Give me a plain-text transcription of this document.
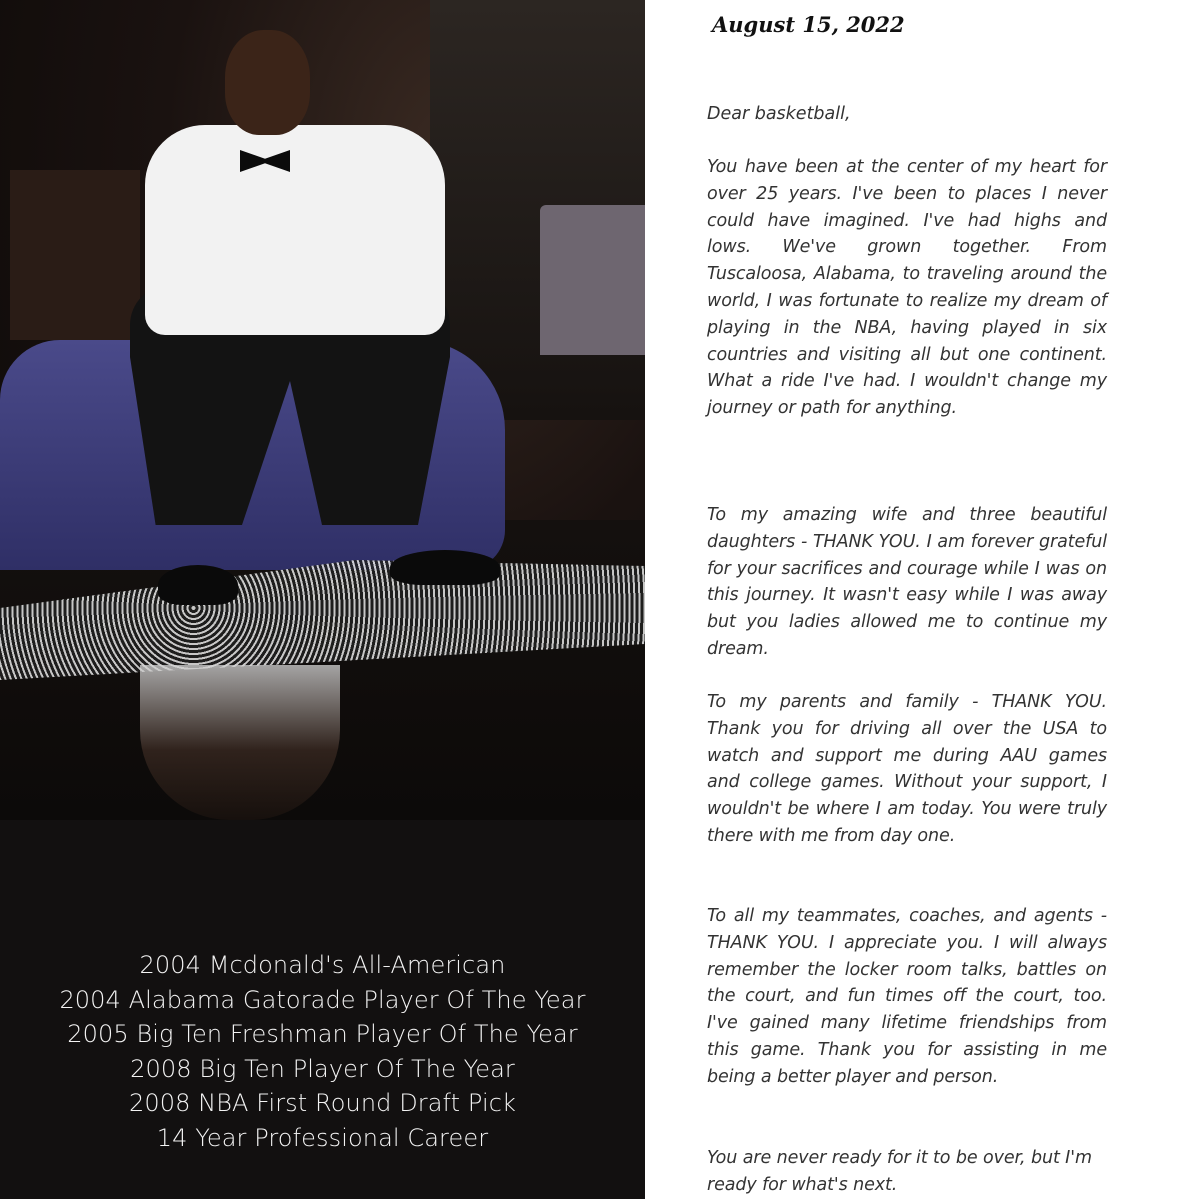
2004 Mcdonald's All-American
2004 Alabama Gatorade Player Of The Year
2005 Big Ten Freshman Player Of The Year
2008 Big Ten Player Of The Year
2008 NBA First Round Draft Pick
14 Year Professional Career
August 15, 2022
Dear basketball,

You have been at the center of my heart for over 25 years. I've been to places I never could have imagined. I've had highs and lows. We've grown together. From Tuscaloosa, Alabama, to traveling around the world, I was fortunate to realize my dream of playing in the NBA, having played in six countries and visiting all but one continent. What a ride I've had. I wouldn't change my journey or path for anything.

To my amazing wife and three beautiful daughters - THANK YOU. I am forever grateful for your sacrifices and courage while I was on this journey. It wasn't easy while I was away but you ladies allowed me to continue my dream.

To my parents and family - THANK YOU. Thank you for driving all over the USA to watch and support me during AAU games and college games. Without your support, I wouldn't be where I am today. You were truly there with me from day one.

To all my teammates, coaches, and agents - THANK YOU. I appreciate you. I will always remember the locker room talks, battles on the court, and fun times off the court, too. I've gained many lifetime friendships from this game. Thank you for assisting in me being a better player and person.

You are never ready for it to be over, but I'm ready for what's next.
